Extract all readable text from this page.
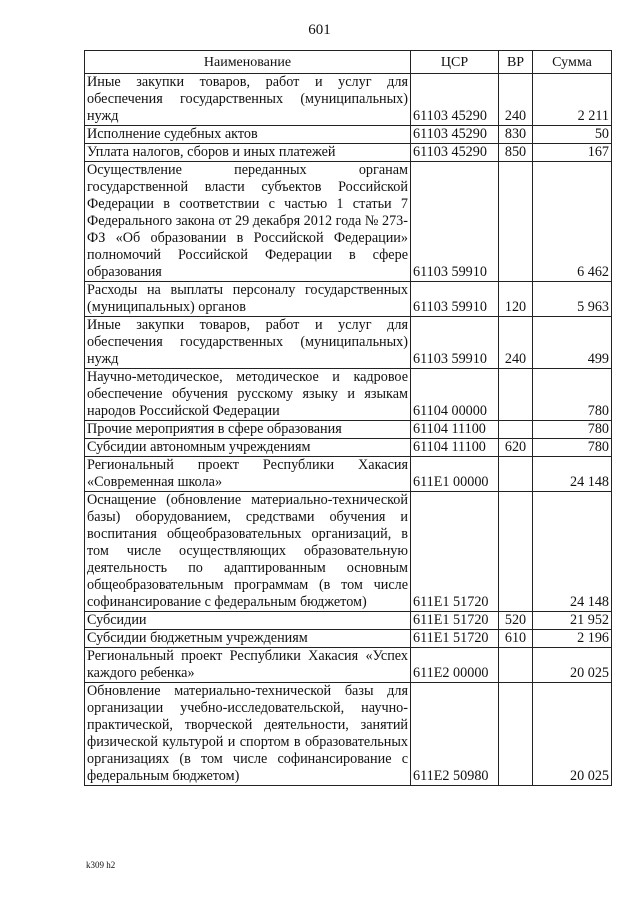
601
Наименование	ЦСР	ВР	Сумма
Иные закупки товаров, работ и услуг для обеспечения государственных (муниципальных) нужд	61103 45290	240	2 211
Исполнение судебных актов	61103 45290	830	50
Уплата налогов, сборов и иных платежей	61103 45290	850	167
Осуществление переданных органам государственной власти субъектов Российской Федерации в соответствии с частью 1 статьи 7 Федерального закона от 29 декабря 2012 года № 273-ФЗ «Об образовании в Российской Федерации» полномочий Российской Федерации в сфере образования	61103 59910		6 462
Расходы на выплаты персоналу государственных (муниципальных) органов	61103 59910	120	5 963
Иные закупки товаров, работ и услуг для обеспечения государственных (муниципальных) нужд	61103 59910	240	499
Научно-методическое, методическое и кадровое обеспечение обучения русскому языку и языкам народов Российской Федерации	61104 00000		780
Прочие мероприятия в сфере образования	61104 11100		780
Субсидии автономным учреждениям	61104 11100	620	780
Региональный проект Республики Хакасия «Современная школа»	611E1 00000		24 148
Оснащение (обновление материально-технической базы) оборудованием, средствами обучения и воспитания общеобразовательных организаций, в том числе осуществляющих образовательную деятельность по адаптированным основным общеобразовательным программам (в том числе софинансирование с федеральным бюджетом)	611E1 51720		24 148
Субсидии	611E1 51720	520	21 952
Субсидии бюджетным учреждениям	611E1 51720	610	2 196
Региональный проект Республики Хакасия «Успех каждого ребенка»	611E2 00000		20 025
Обновление материально-технической базы для организации учебно-исследовательской, научно-практической, творческой деятельности, занятий физической культурой и спортом в образовательных организациях (в том числе софинансирование с федеральным бюджетом)	611E2 50980		20 025
k309 h2
